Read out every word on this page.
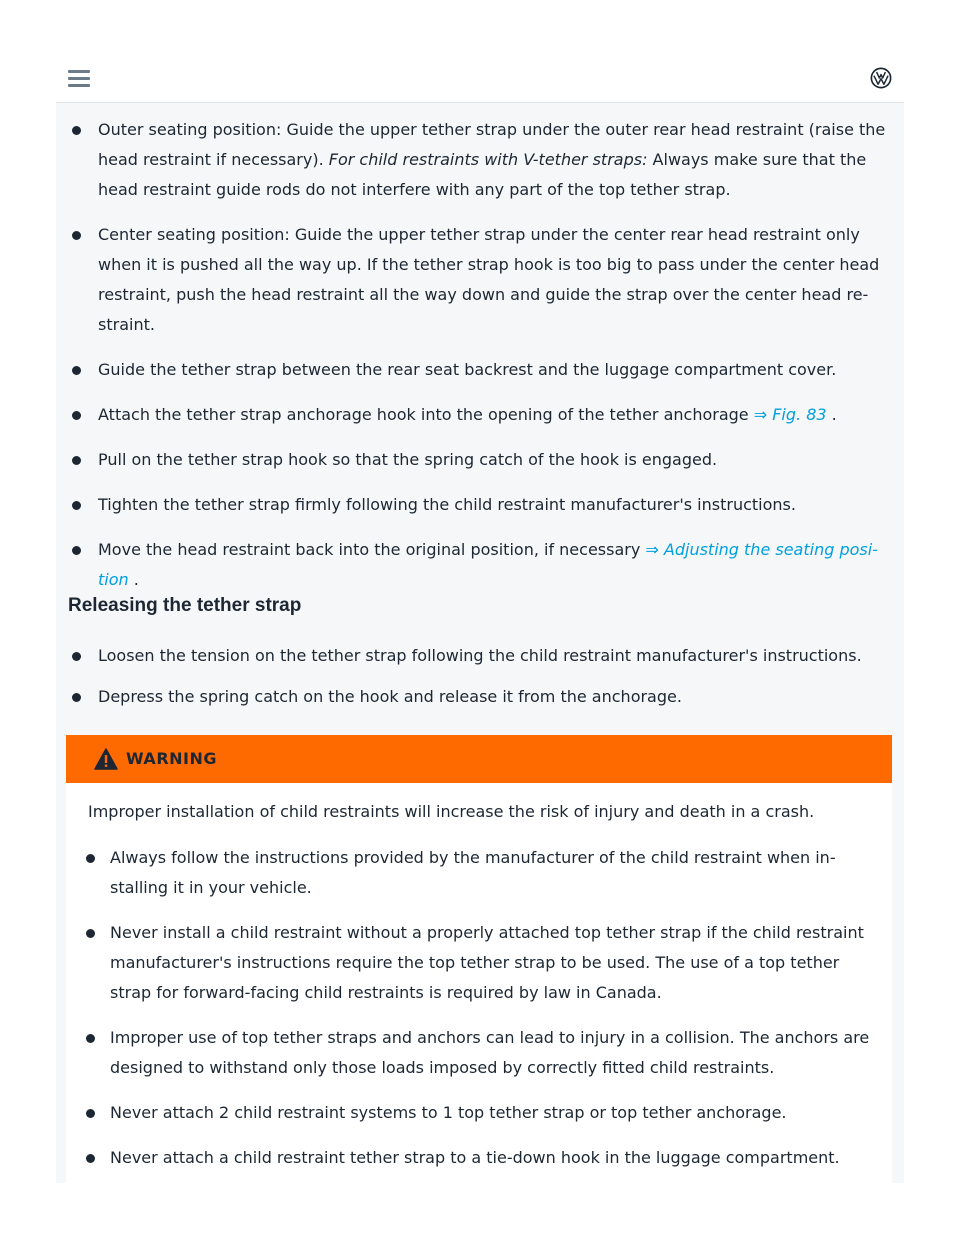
Outer seating position: Guide the upper tether strap under the outer rear head restraint (raise the head restraint if necessary). For child restraints with V-tether straps: Always make sure that the head restraint guide rods do not interfere with any part of the top tether strap.
Center seating position: Guide the upper tether strap under the center rear head restraint only when it is pushed all the way up. If the tether strap hook is too big to pass under the center head restraint, push the head restraint all the way down and guide the strap over the center head re-straint.
Guide the tether strap between the rear seat backrest and the luggage compartment cover.
Attach the tether strap anchorage hook into the opening of the tether anchorage ⇒ Fig. 83 .
Pull on the tether strap hook so that the spring catch of the hook is engaged.
Tighten the tether strap firmly following the child restraint manufacturer's instructions.
Move the head restraint back into the original position, if necessary ⇒ Adjusting the seating posi-tion .
Releasing the tether strap
Loosen the tension on the tether strap following the child restraint manufacturer's instructions.
Depress the spring catch on the hook and release it from the anchorage.
WARNING
Improper installation of child restraints will increase the risk of injury and death in a crash.
Always follow the instructions provided by the manufacturer of the child restraint when in-stalling it in your vehicle.
Never install a child restraint without a properly attached top tether strap if the child restraint manufacturer's instructions require the top tether strap to be used. The use of a top tether strap for forward-facing child restraints is required by law in Canada.
Improper use of top tether straps and anchors can lead to injury in a collision. The anchors are designed to withstand only those loads imposed by correctly fitted child restraints.
Never attach 2 child restraint systems to 1 top tether strap or top tether anchorage.
Never attach a child restraint tether strap to a tie-down hook in the luggage compartment.
